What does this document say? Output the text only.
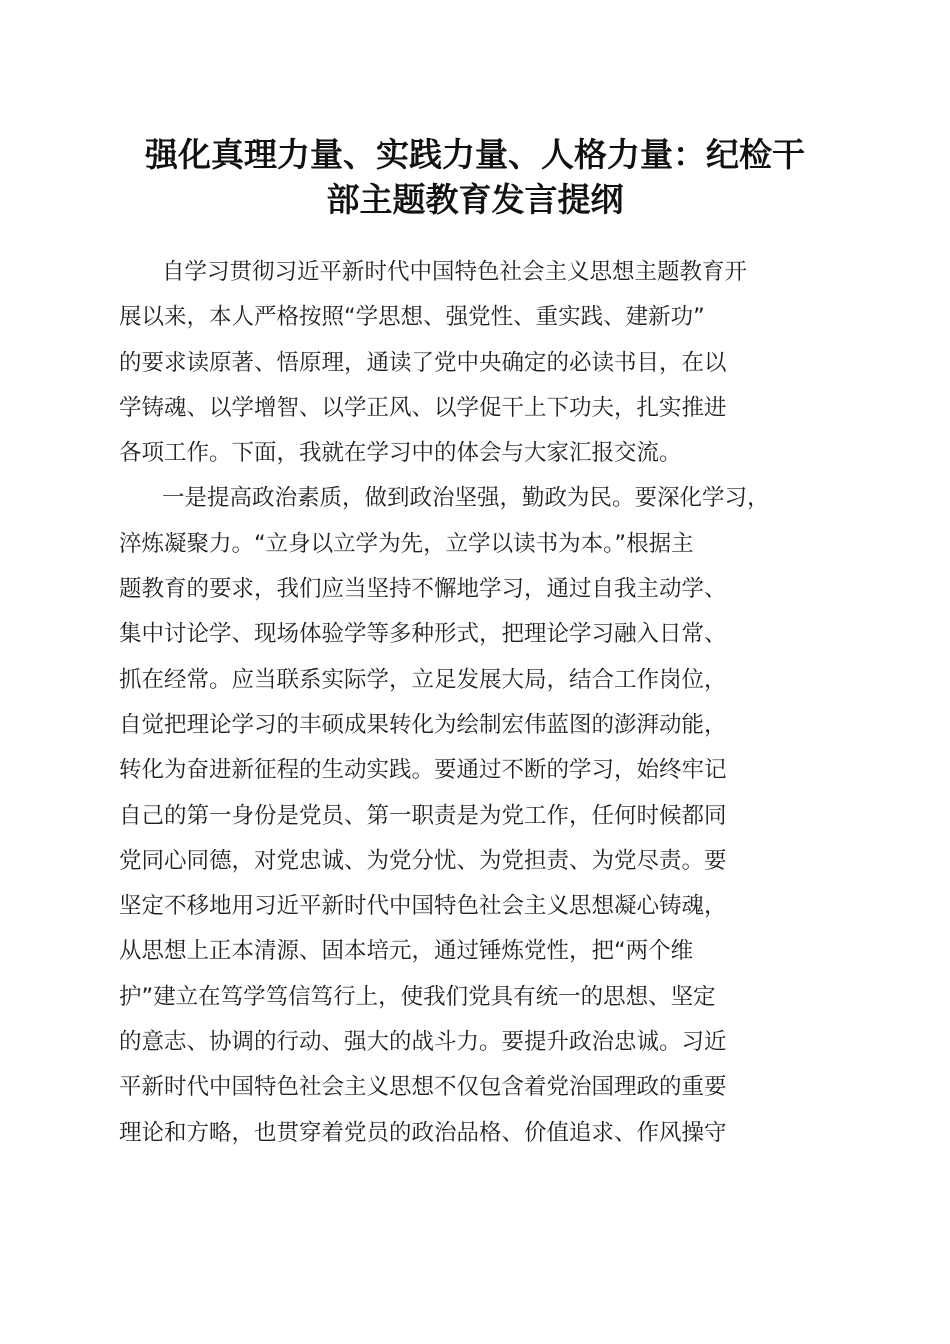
强化真理力量、实践力量、人格力量：纪检干
部主题教育发言提纲
自学习贯彻习近平新时代中国特色社会主义思想主题教育开
展以来，本人严格按照“学思想、强党性、重实践、建新功”
的要求读原著、悟原理，通读了党中央确定的必读书目，在以
学铸魂、以学增智、以学正风、以学促干上下功夫，扎实推进
各项工作。下面，我就在学习中的体会与大家汇报交流。
一是提高政治素质，做到政治坚强，勤政为民。要深化学习，
淬炼凝聚力。“立身以立学为先，立学以读书为本。”根据主
题教育的要求，我们应当坚持不懈地学习，通过自我主动学、
集中讨论学、现场体验学等多种形式，把理论学习融入日常、
抓在经常。应当联系实际学，立足发展大局，结合工作岗位，
自觉把理论学习的丰硕成果转化为绘制宏伟蓝图的澎湃动能，
转化为奋进新征程的生动实践。要通过不断的学习，始终牢记
自己的第一身份是党员、第一职责是为党工作，任何时候都同
党同心同德，对党忠诚、为党分忧、为党担责、为党尽责。要
坚定不移地用习近平新时代中国特色社会主义思想凝心铸魂，
从思想上正本清源、固本培元，通过锤炼党性，把“两个维
护”建立在笃学笃信笃行上，使我们党具有统一的思想、坚定
的意志、协调的行动、强大的战斗力。要提升政治忠诚。习近
平新时代中国特色社会主义思想不仅包含着党治国理政的重要
理论和方略，也贯穿着党员的政治品格、价值追求、作风操守
